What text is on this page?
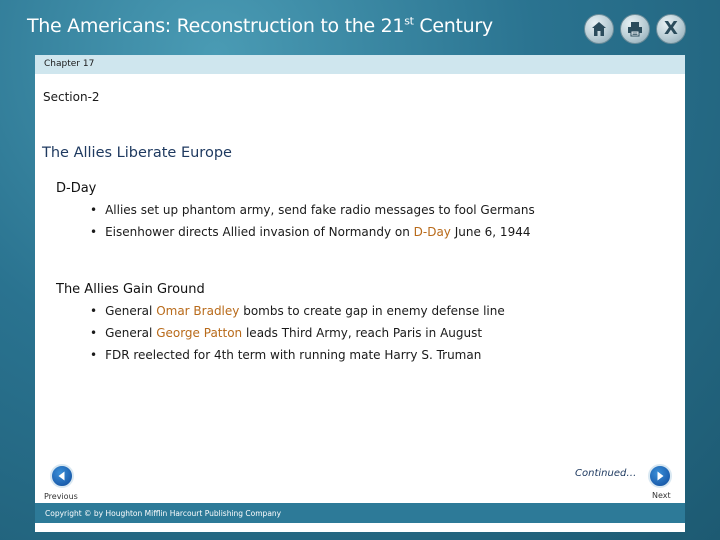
The Americans: Reconstruction to the 21st Century	X
Chapter 17
Section-2
The Allies Liberate Europe
D-Day
• Allies set up phantom army, send fake radio messages to fool Germans
• Eisenhower directs Allied invasion of Normandy on D-Day June 6, 1944
The Allies Gain Ground
• General Omar Bradley bombs to create gap in enemy defense line
• General George Patton leads Third Army, reach Paris in August
• FDR reelected for 4th term with running mate Harry S. Truman
Continued…
Previous	Next
Copyright © by Houghton Mifflin Harcourt Publishing Company
